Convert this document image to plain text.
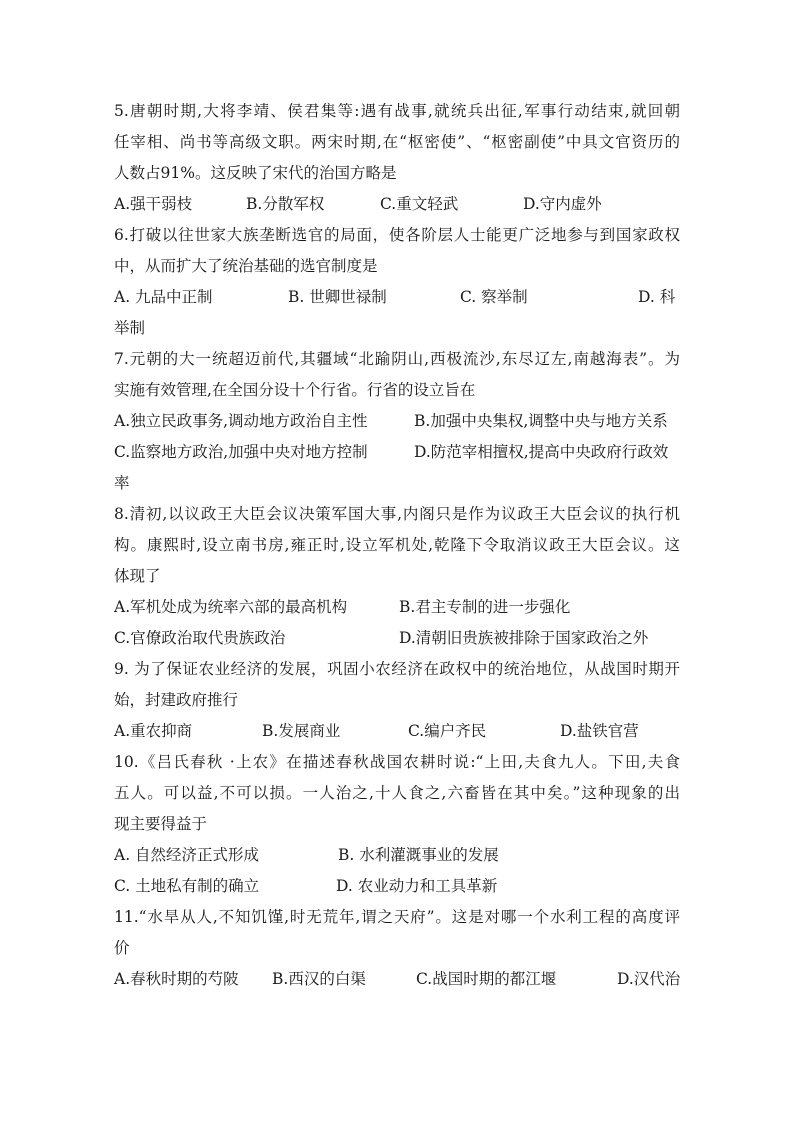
5.唐朝时期,大将李靖、侯君集等:遇有战事,就统兵出征,军事行动结束,就回朝
任宰相、尚书等高级文职。两宋时期,在“枢密使”、“枢密副使”中具文官资历的
人数占91%。这反映了宋代的治国方略是
A.强干弱枝	B.分散军权	C.重文轻武	D.守内虚外
6.打破以往世家大族垄断选官的局面，使各阶层人士能更广泛地参与到国家政权
中，从而扩大了统治基础的选官制度是
A. 九品中正制	B. 世卿世禄制	C. 察举制	D. 科
举制
7.元朝的大一统超迈前代,其疆域“北踰阴山,西极流沙,东尽辽左,南越海表”。为
实施有效管理,在全国分设十个行省。行省的设立旨在
A.独立民政事务,调动地方政治自主性	B.加强中央集权,调整中央与地方关系
C.监察地方政治,加强中央对地方控制	D.防范宰相擅权,提高中央政府行政效
率
8.清初,以议政王大臣会议决策军国大事,内阁只是作为议政王大臣会议的执行机
构。康熙时,设立南书房,雍正时,设立军机处,乾隆下令取消议政王大臣会议。这
体现了
A.军机处成为统率六部的最高机构	B.君主专制的进一步强化
C.官僚政治取代贵族政治	D.清朝旧贵族被排除于国家政治之外
9. 为了保证农业经济的发展，巩固小农经济在政权中的统治地位，从战国时期开
始，封建政府推行
A.重农抑商	B.发展商业	C.编户齐民	D.盐铁官营
10.《吕氏春秋 ·上农》在描述春秋战国农耕时说:“上田,夫食九人。下田,夫食
五人。可以益,不可以损。一人治之,十人食之,六畜皆在其中矣。”这种现象的出
现主要得益于
A. 自然经济正式形成	B. 水利灌溉事业的发展
C. 土地私有制的确立	D. 农业动力和工具革新
11.“水旱从人,不知饥馑,时无荒年,谓之天府”。这是对哪一个水利工程的高度评
价
A.春秋时期的芍陂 B.西汉的白渠	C.战国时期的都江堰	D.汉代治
